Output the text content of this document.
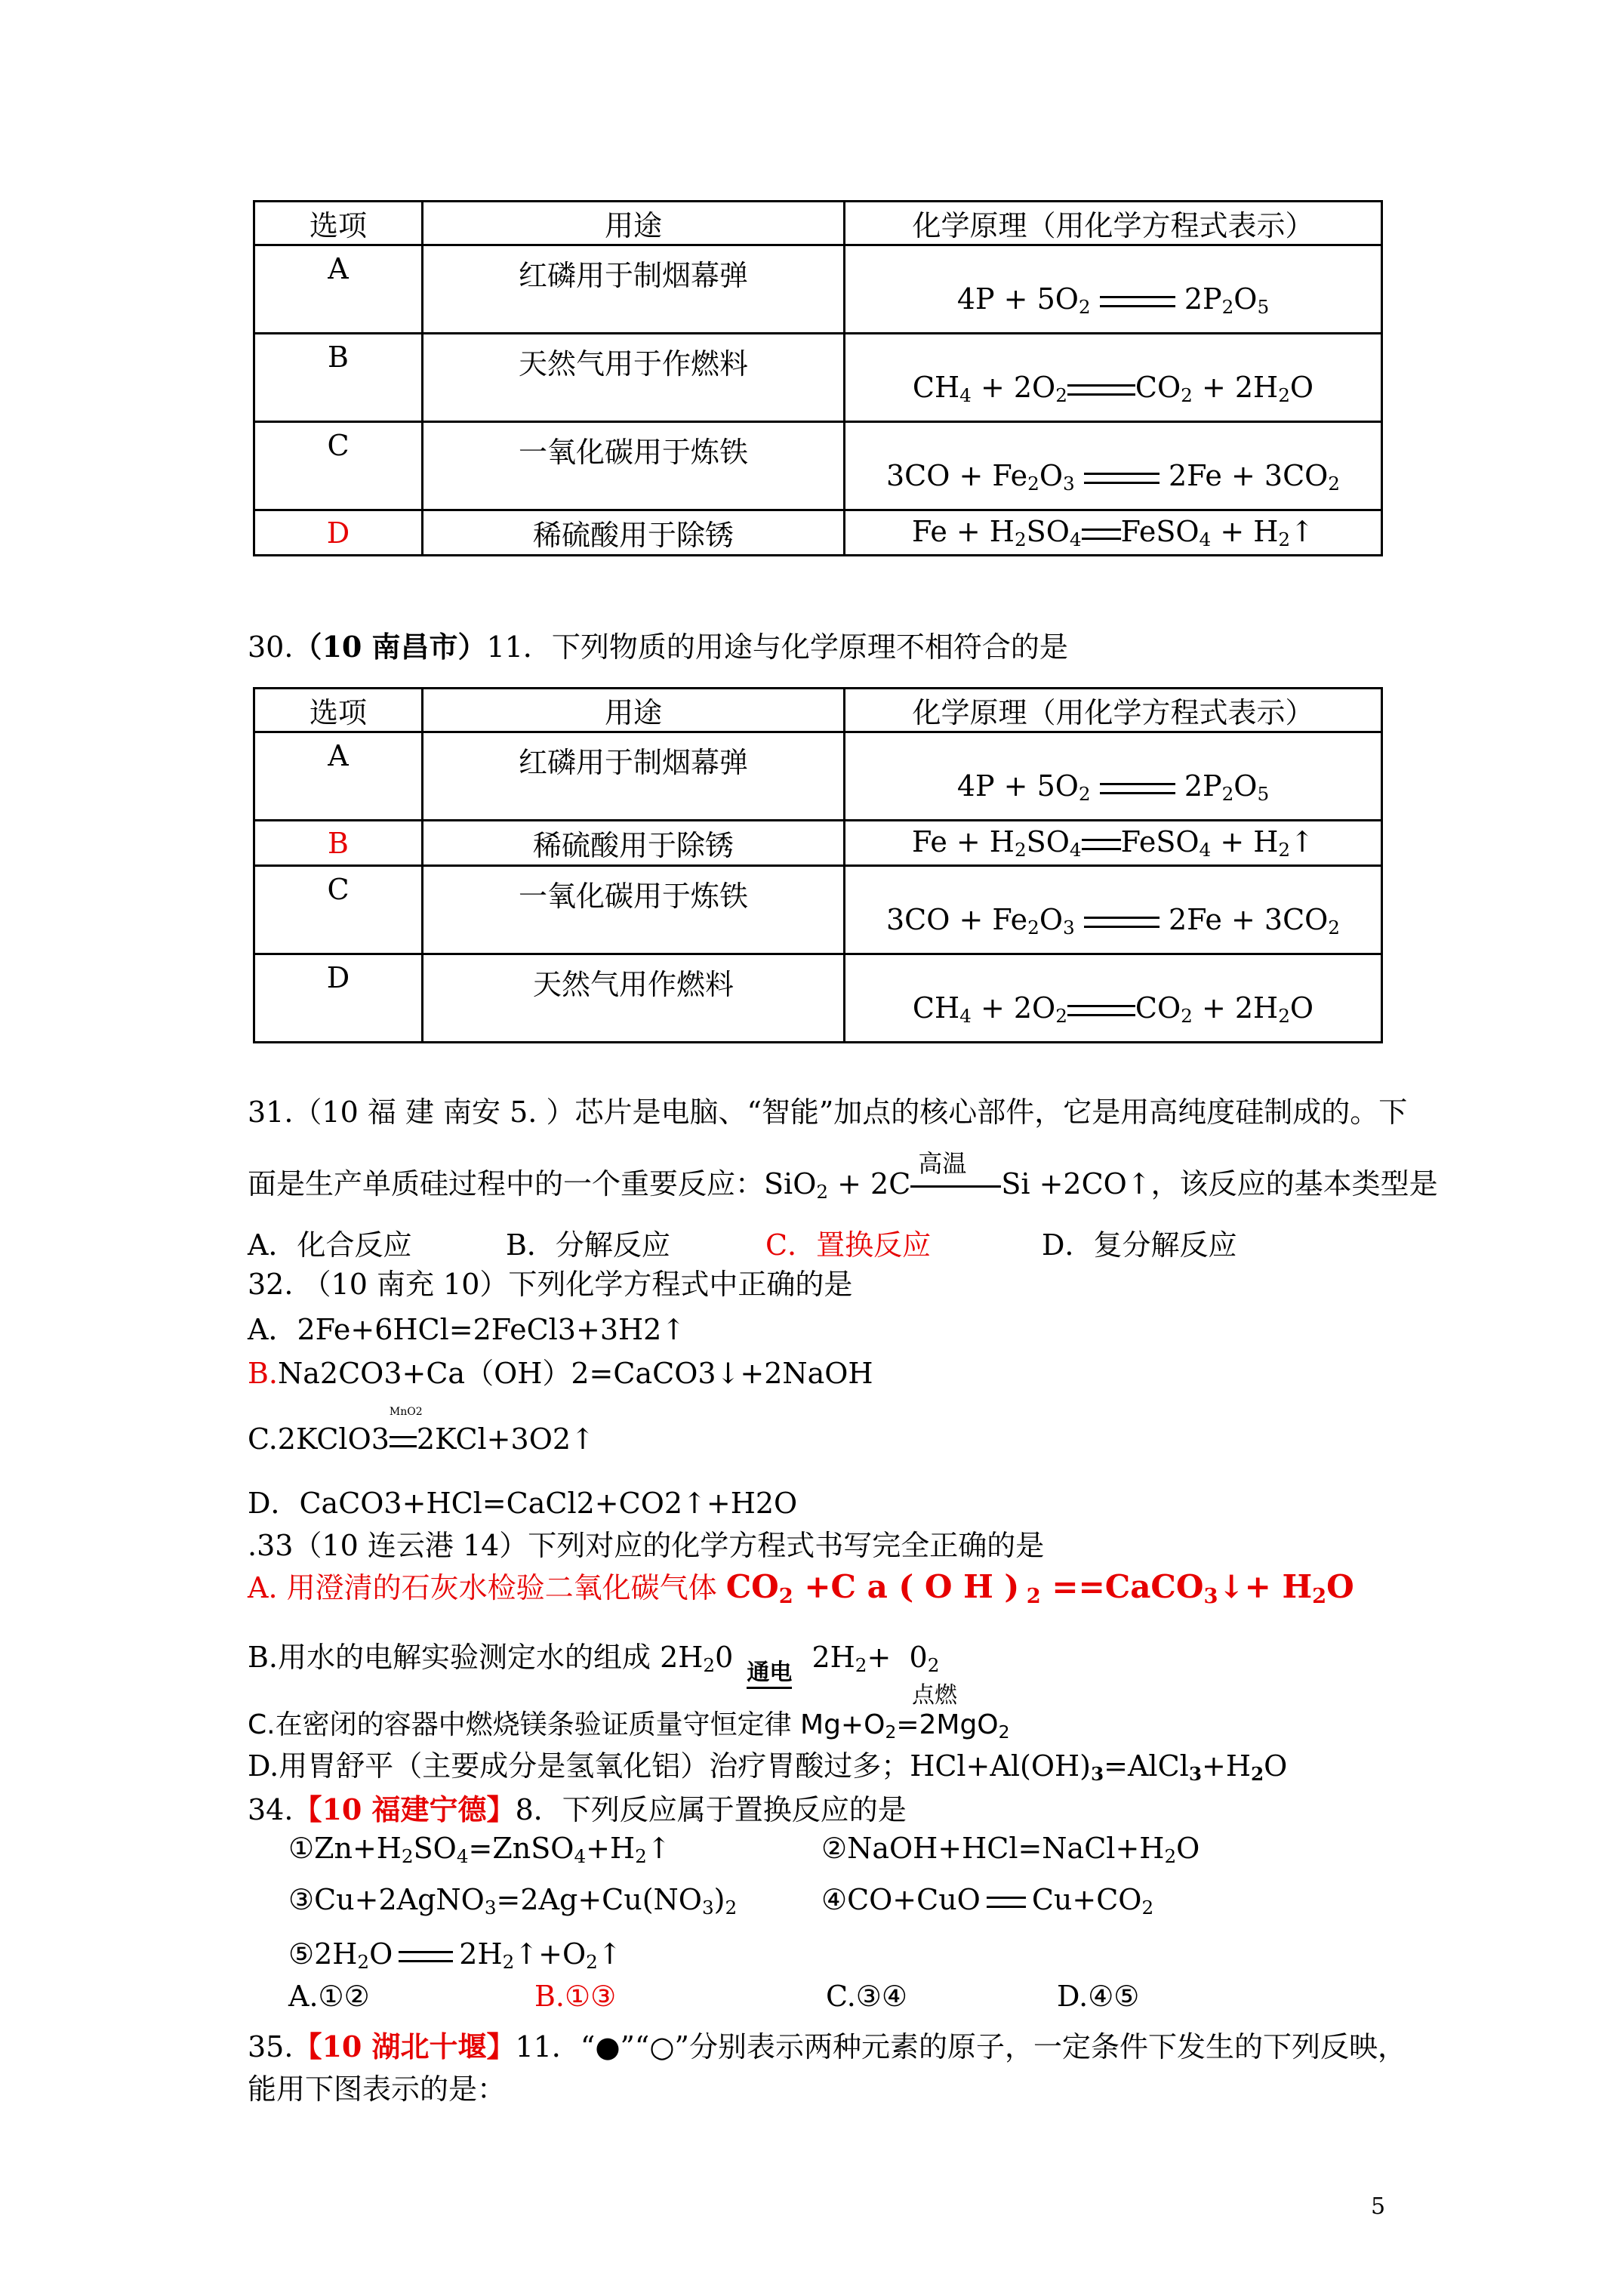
选项	用途	化学原理（用化学方程式表示）

A	红磷用于制烟幕弹	$4P + 5O_2$ $2P_2O_5$

B	天然气用于作燃料	$CH_4 + 2O_2$ $CO_2 + 2H_2O$

C	一氧化碳用于炼铁	$3CO + Fe_2O_3$ $2Fe + 3CO_2$

D	稀硫酸用于除锈	$Fe + H_2SO_4$ FeSO$_4$ + $H_2↑$
30.（10 南昌市）11．下列物质的用途与化学原理不相符合的是
选项	用途	化学原理（用化学方程式表示）

A	红磷用于制烟幕弹	$4P + 5O_2$ $2P_2O_5$

B	稀硫酸用于除锈	$Fe + H_2SO_4$ FeSO$_4$ + $H_2↑$

C	一氧化碳用于炼铁	$3CO + Fe_2O_3$ $2Fe + 3CO_2$

D	天然气用作燃料	$CH_4 + 2O_2$ $CO_2 + 2H_2O$
31.（10 福 建 南安 5. ）芯片是电脑、“智能”加点的核心部件，它是用高纯度硅制成的。下
面是生产单质硅过程中的一个重要反应：SiO$_2$ + 2C
高温
Si +2CO↑，该反应的基本类型是
A．化合反应	B．分解反应	C．置换反应	D．复分解反应
32. （10 南充 10）下列化学方程式中正确的是
A．2Fe+6HCl=2FeCl3+3H2↑
B.Na2CO3+Ca（OH）2=CaCO3↓+2NaOH
C.2KClO3
MnO2
2KCl+3O2↑
D．CaCO3+HCl=CaCl2+CO2↑+H2O
.33（10 连云港 14）下列对应的化学方程式书写完全正确的是
A. 用澄清的石灰水检验二氧化碳气体 $CO_2 +C$ a ( O H ) $_2$ ==CaCO$_3$↓+ $H_2O$
B.用水的电解实验测定水的组成 $2H_20$ 通电 $2H_2+ 0_2$
点燃
C.在密闭的容器中燃烧镁条验证质量守恒定律 $Mg+O_2=2MgO_2$
D.用胃舒平（主要成分是氢氧化铝）治疗胃酸过多；$HCl+Al(OH)_3=AlCl_3+H_2O$
34.【10 福建宁德】8．下列反应属于置换反应的是
$①Zn+H_2SO_4=ZnSO_4+H_2↑$	$②NaOH+HCl=NaCl+H_2O$
$③Cu+2AgNO_3=2Ag+Cu(NO_3)_2$	④CO+CuO $Cu+CO_2$
$⑤2H_2O$ $2H_2↑+O_2↑$
A.①②	B.①③	C.③④	D.④⑤
35.【10 湖北十堰】11．“●”“○”分别表示两种元素的原子，一定条件下发生的下列反映，
能用下图表示的是：
5
